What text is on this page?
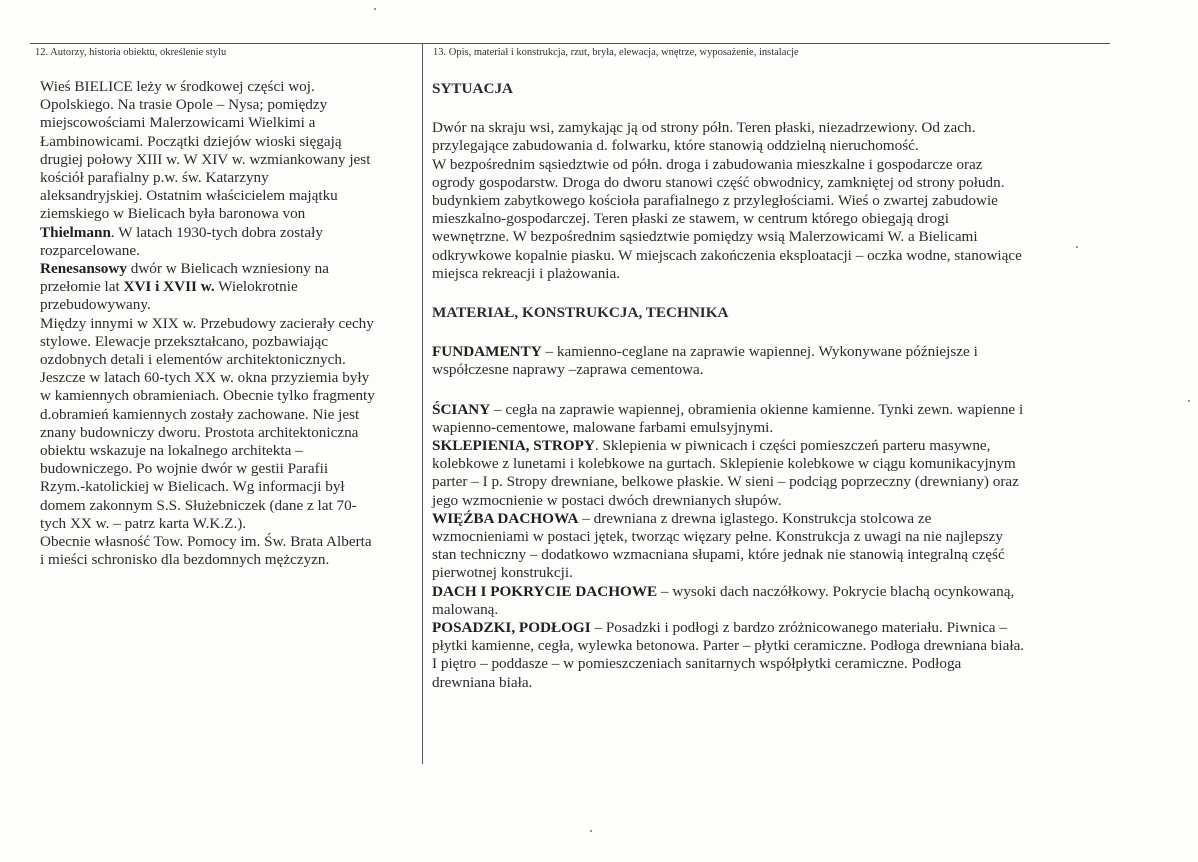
12. Autorzy, historia obiektu, określenie stylu	13. Opis, materiał i konstrukcja, rzut, bryła, elewacja, wnętrze, wyposażenie, instalacje

Wieś BIELICE leży w środkowej części woj.
Opolskiego. Na trasie Opole – Nysa; pomiędzy
miejscowościami Malerzowicami Wielkimi a
Łambinowicami. Początki dziejów wioski sięgają
drugiej połowy XIII w. W XIV w. wzmiankowany jest
kościół parafialny p.w. św. Katarzyny
aleksandryjskiej. Ostatnim właścicielem majątku
ziemskiego w Bielicach była baronowa von
Thielmann. W latach 1930-tych dobra zostały
rozparcelowane.

Renesansowy dwór w Bielicach wzniesiony na
przełomie lat XVI i XVII w. Wielokrotnie
przebudowywany.

Między innymi w XIX w. Przebudowy zacierały cechy
stylowe. Elewacje przekształcano, pozbawiając
ozdobnych detali i elementów architektonicznych.
Jeszcze w latach 60-tych XX w. okna przyziemia były
w kamiennych obramieniach. Obecnie tylko fragmenty
d.obramień kamiennych zostały zachowane. Nie jest
znany budowniczy dworu. Prostota architektoniczna
obiektu wskazuje na lokalnego architekta –
budowniczego. Po wojnie dwór w gestii Parafii
Rzym.-katolickiej w Bielicach. Wg informacji był
domem zakonnym S.S. Służebniczek (dane z lat 70-
tych XX w. – patrz karta W.K.Z.).
Obecnie własność Tow. Pomocy im. Św. Brata Alberta
i mieści schronisko dla bezdomnych mężczyzn.

SYTUACJA

Dwór na skraju wsi, zamykając ją od strony półn. Teren płaski, niezadrzewiony. Od zach.
przylegające zabudowania d. folwarku, które stanowią oddzielną nieruchomość.
W bezpośrednim sąsiedztwie od półn. droga i zabudowania mieszkalne i gospodarcze oraz
ogrody gospodarstw. Droga do dworu stanowi część obwodnicy, zamkniętej od strony połudn.
budynkiem zabytkowego kościoła parafialnego z przyległościami. Wieś o zwartej zabudowie
mieszkalno-gospodarczej. Teren płaski ze stawem, w centrum którego obiegają drogi
wewnętrzne. W bezpośrednim sąsiedztwie pomiędzy wsią Malerzowicami W. a Bielicami
odkrywkowe kopalnie piasku. W miejscach zakończenia eksploatacji – oczka wodne, stanowiące
miejsca rekreacji i plażowania.

MATERIAŁ, KONSTRUKCJA, TECHNIKA

FUNDAMENTY – kamienno-ceglane na zaprawie wapiennej. Wykonywane późniejsze i
współczesne naprawy –zaprawa cementowa.

ŚCIANY – cegła na zaprawie wapiennej, obramienia okienne kamienne. Tynki zewn. wapienne i
wapienno-cementowe, malowane farbami emulsyjnymi.

SKLEPIENIA, STROPY. Sklepienia w piwnicach i części pomieszczeń parteru masywne,
kolebkowe z lunetami i kolebkowe na gurtach. Sklepienie kolebkowe w ciągu komunikacyjnym
parter – I p. Stropy drewniane, belkowe płaskie. W sieni – podciąg poprzeczny (drewniany) oraz
jego wzmocnienie w postaci dwóch drewnianych słupów.

WIĘŹBA DACHOWA – drewniana z drewna iglastego. Konstrukcja stolcowa ze
wzmocnieniami w postaci jętek, tworząc więzary pełne. Konstrukcja z uwagi na nie najlepszy
stan techniczny – dodatkowo wzmacniana słupami, które jednak nie stanowią integralną część
pierwotnej konstrukcji.

DACH I POKRYCIE DACHOWE – wysoki dach naczółkowy. Pokrycie blachą ocynkowaną,
malowaną.

POSADZKI, PODŁOGI – Posadzki i podłogi z bardzo zróżnicowanego materiału. Piwnica –
płytki kamienne, cegła, wylewka betonowa. Parter – płytki ceramiczne. Podłoga drewniana biała.
I piętro – poddasze – w pomieszczeniach sanitarnych współpłytki ceramiczne. Podłoga
drewniana biała.
